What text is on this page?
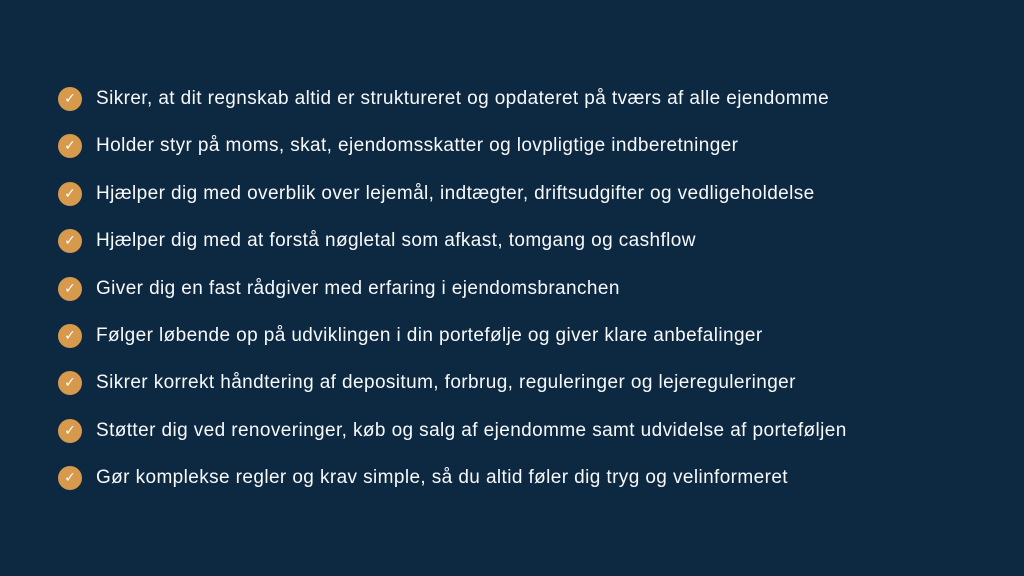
✓	Sikrer, at dit regnskab altid er struktureret og opdateret på tværs af alle ejendomme
✓	Holder styr på moms, skat, ejendomsskatter og lovpligtige indberetninger
✓	Hjælper dig med overblik over lejemål, indtægter, driftsudgifter og vedligeholdelse
✓	Hjælper dig med at forstå nøgletal som afkast, tomgang og cashflow
✓	Giver dig en fast rådgiver med erfaring i ejendomsbranchen
✓	Følger løbende op på udviklingen i din portefølje og giver klare anbefalinger
✓	Sikrer korrekt håndtering af depositum, forbrug, reguleringer og lejereguleringer
✓	Støtter dig ved renoveringer, køb og salg af ejendomme samt udvidelse af porteføljen
✓	Gør komplekse regler og krav simple, så du altid føler dig tryg og velinformeret
